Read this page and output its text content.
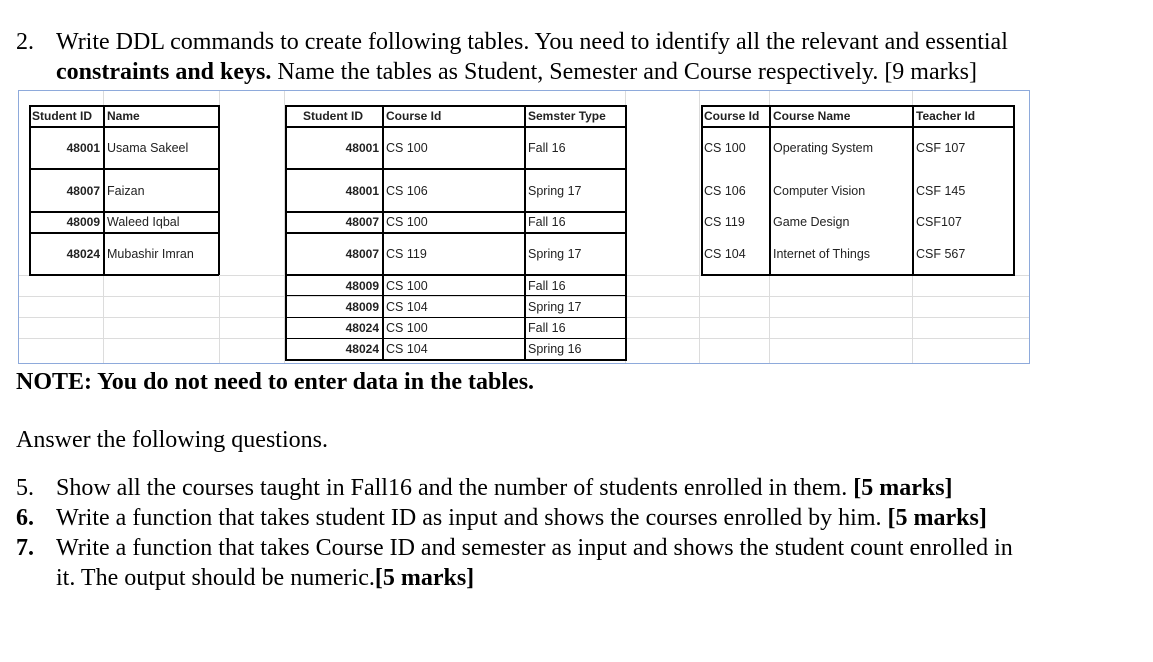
2. Write DDL commands to create following tables. You need to identify all the relevant and essential
constraints and keys. Name the tables as Student, Semester and Course respectively. [9 marks]
Student ID Name
48001 Usama Sakeel
48007 Faizan
48009 Waleed Iqbal
48024 Mubashir Imran
Student ID Course Id	Semster Type
48001 CS 100	Fall 16
48001 CS 106	Spring 17
48007 CS 100	Fall 16
48007 CS 119	Spring 17
48009 CS 100	Fall 16
48009 CS 104	Spring 17
48024 CS 100	Fall 16
48024 CS 104	Spring 16
Course Id Course Name	Teacher Id
CS 100 Operating System	CSF 107
CS 106 Computer Vision	CSF 145
CS 119 Game Design	CSF107
CS 104 Internet of Things	CSF 567
NOTE: You do not need to enter data in the tables.
Answer the following questions.
5. Show all the courses taught in Fall16 and the number of students enrolled in them. [5 marks]
6. Write a function that takes student ID as input and shows the courses enrolled by him. [5 marks]
7. Write a function that takes Course ID and semester as input and shows the student count enrolled in
it. The output should be numeric.[5 marks]
